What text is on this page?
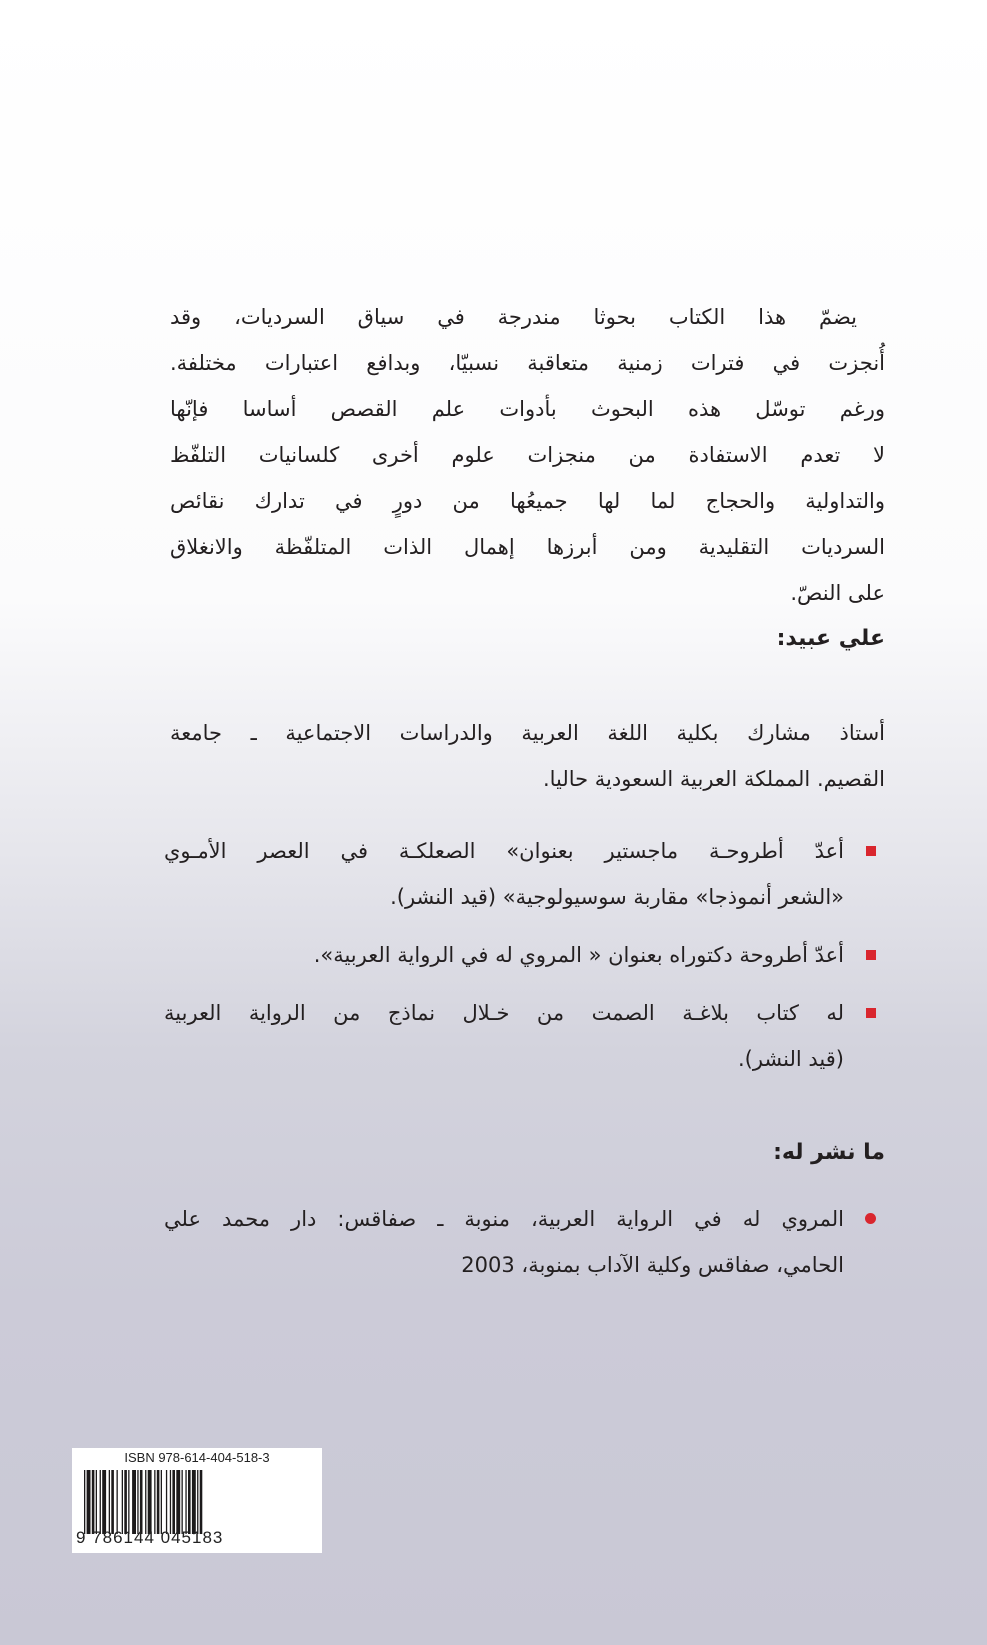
يضمّ هذا الكتاب بحوثا مندرجة في سياق السرديات، وقد
أُنجزت في فترات زمنية متعاقبة نسبيّا، وبدافع اعتبارات مختلفة.
ورغم توسّل هذه البحوث بأدوات علم القصص أساسا فإنّها
لا تعدم الاستفادة من منجزات علوم أخرى كلسانيات التلفّظ
والتداولية والحجاج لما لها جميعُها من دورٍ في تدارك نقائص
السرديات التقليدية ومن أبرزها إهمال الذات المتلفّظة والانغلاق
على النصّ.
علي عبيد:
أستاذ مشارك بكلية اللغة العربية والدراسات الاجتماعية ـ جامعة
القصيم. المملكة العربية السعودية حاليا.
أعدّ أطروحـة ماجستير بعنوان» الصعلكـة في العصر الأمـوي
«الشعر أنموذجا» مقاربة سوسيولوجية» (قيد النشر).
أعدّ أطروحة دكتوراه بعنوان « المروي له في الرواية العربية».
له كتاب بلاغـة الصمت من خـلال نماذج من الرواية العربية
(قيد النشر).
ما نشر له:
المروي له في الرواية العربية، منوبة ـ صفاقس: دار محمد علي
الحامي، صفاقس وكلية الآداب بمنوبة، 2003
ISBN 978-614-404-518-3
9 786144 045183
